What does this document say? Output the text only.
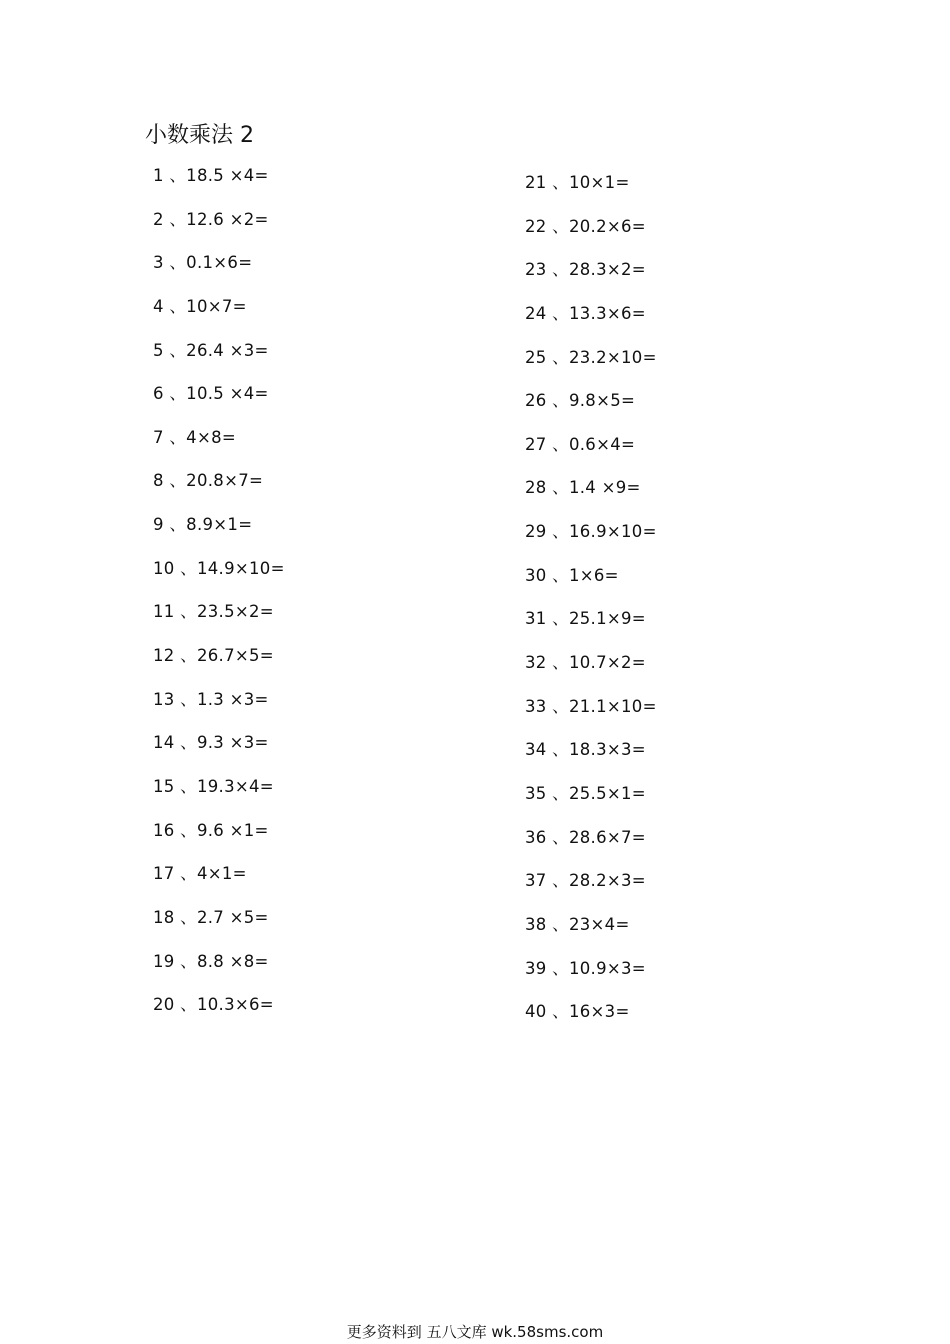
小数乘法 2
1 、18.5 ×4=
2 、12.6 ×2=
3 、0.1×6=
4 、10×7=
5 、26.4 ×3=
6 、10.5 ×4=
7 、4×8=
8 、20.8×7=
9 、8.9×1=
10 、14.9×10=
11 、23.5×2=
12 、26.7×5=
13 、1.3 ×3=
14 、9.3 ×3=
15 、19.3×4=
16 、9.6 ×1=
17 、4×1=
18 、2.7 ×5=
19 、8.8 ×8=
20 、10.3×6=
21 、10×1=
22 、20.2×6=
23 、28.3×2=
24 、13.3×6=
25 、23.2×10=
26 、9.8×5=
27 、0.6×4=
28 、1.4 ×9=
29 、16.9×10=
30 、1×6=
31 、25.1×9=
32 、10.7×2=
33 、21.1×10=
34 、18.3×3=
35 、25.5×1=
36 、28.6×7=
37 、28.2×3=
38 、23×4=
39 、10.9×3=
40 、16×3=
更多资料到 五八文库 wk.58sms.com
